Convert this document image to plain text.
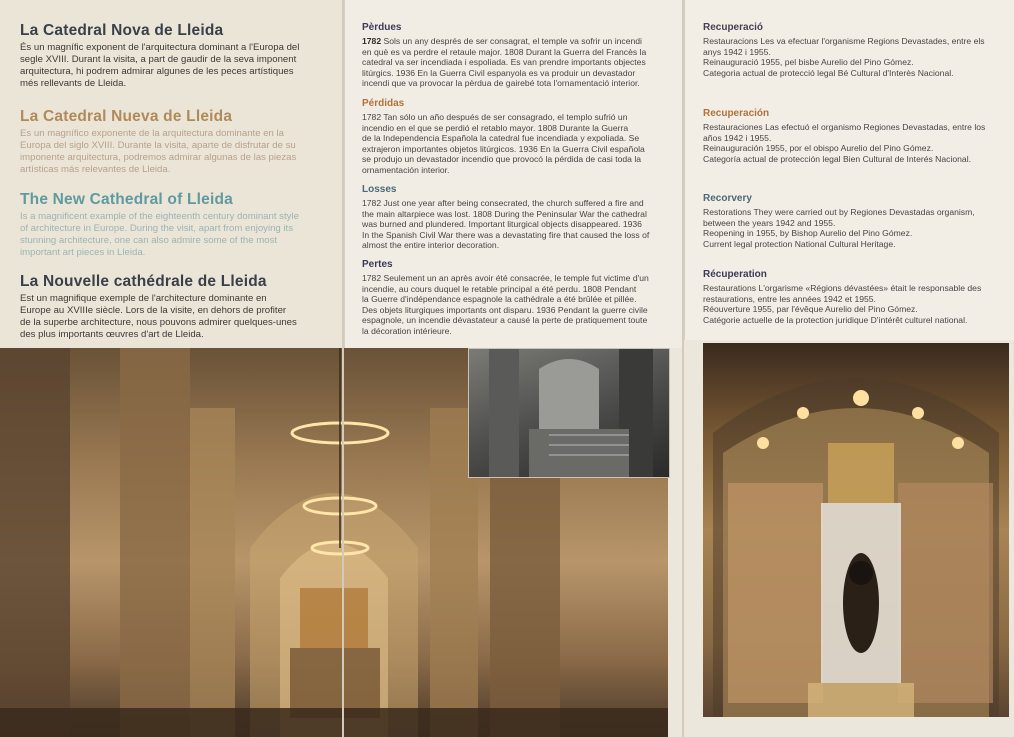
La Catedral Nova de Lleida

És un magnífic exponent de l'arquitectura dominant a l'Europa del
segle XVIII. Durant la visita, a part de gaudir de la seva imponent
arquitectura, hi podrem admirar algunes de les peces artístiques
més rellevants de Lleida.

La Catedral Nueva de Lleida

Es un magnífico exponente de la arquitectura dominante en la
Europa del siglo XVIII. Durante la visita, aparte de disfrutar de su
imponente arquitectura, podremos admirar algunas de las piezas
artísticas más relevantes de Lleida.

The New Cathedral of Lleida

Is a magnificent example of the eighteenth century dominant style
of architecture in Europe. During the visit, apart from enjoying its
stunning architecture, one can also admire some of the most
important art pieces in Lleida.

La Nouvelle cathédrale de Lleida

Est un magnifique exemple de l'architecture dominante en
Europe au XVIIIe siècle. Lors de la visite, en dehors de profiter
de la superbe architecture, nous pouvons admirer quelques-unes
des plus importants œuvres d'art de Lleida.

Pèrdues

1782 Sols un any després de ser consagrat, el temple va sofrir un incendi
en què es va perdre el retaule major. 1808 Durant la Guerra del Francès la
catedral va ser incendiada i espoliada. Es van prendre importants objectes
litúrgics. 1936 En la Guerra Civil espanyola es va produir un devastador
incendi que va provocar la pèrdua de gairebé tota l'ornamentació interior.

Pérdidas

1782 Tan sólo un año después de ser consagrado, el templo sufrió un
incendio en el que se perdió el retablo mayor. 1808 Durante la Guerra
de la Independencia Española la catedral fue incendiada y expoliada. Se
extrajeron importantes objetos litúrgicos. 1936 En la Guerra Civil española
se produjo un devastador incendio que provocó la pérdida de casi toda la
ornamentación interior.

Losses

1782 Just one year after being consecrated, the church suffered a fire and
the main altarpiece was lost. 1808 During the Peninsular War the cathedral
was burned and plundered. Important liturgical objects disappeared. 1936
In the Spanish Civil War there was a devastating fire that caused the loss of
almost the entire interior decoration.

Pertes

1782 Seulement un an après avoir été consacrée, le temple fut victime d'un
incendie, au cours duquel le retable principal a été perdu. 1808 Pendant
la Guerre d'indépendance espagnole la cathédrale a été brûlée et pillée.
Des objets liturgiques importants ont disparu. 1936 Pendant la guerre civile
espagnole, un incendie dévastateur a causé la perte de pratiquement toute
la décoration intérieure.

Recuperació

Restauracions Les va efectuar l'organisme Regions Devastades, entre els
anys 1942 i 1955.
Reinauguració 1955, pel bisbe Aurelio del Pino Gómez.
Categoria actual de protecció legal Bé Cultural d'Interès Nacional.

Recuperación

Restauraciones Las efectuó el organismo Regiones Devastadas, entre los
años 1942 i 1955.
Reinauguración 1955, por el obispo Aurelio del Pino Gómez.
Categoría actual de protección legal Bien Cultural de Interés Nacional.

Recorvery

Restorations They were carried out by Regiones Devastadas organism,
between the years 1942 and 1955.
Reopening in 1955, by Bishop Aurelio del Pino Gómez.
Current legal protection National Cultural Heritage.

Récuperation

Restaurations L'orgarisme «Régions dévastées» était le responsable des
restaurations, entre les années 1942 et 1955.
Réouverture 1955, par l'évêque Aurelio del Pino Gómez.
Catégorie actuelle de la protection juridique D'intérêt culturel national.
